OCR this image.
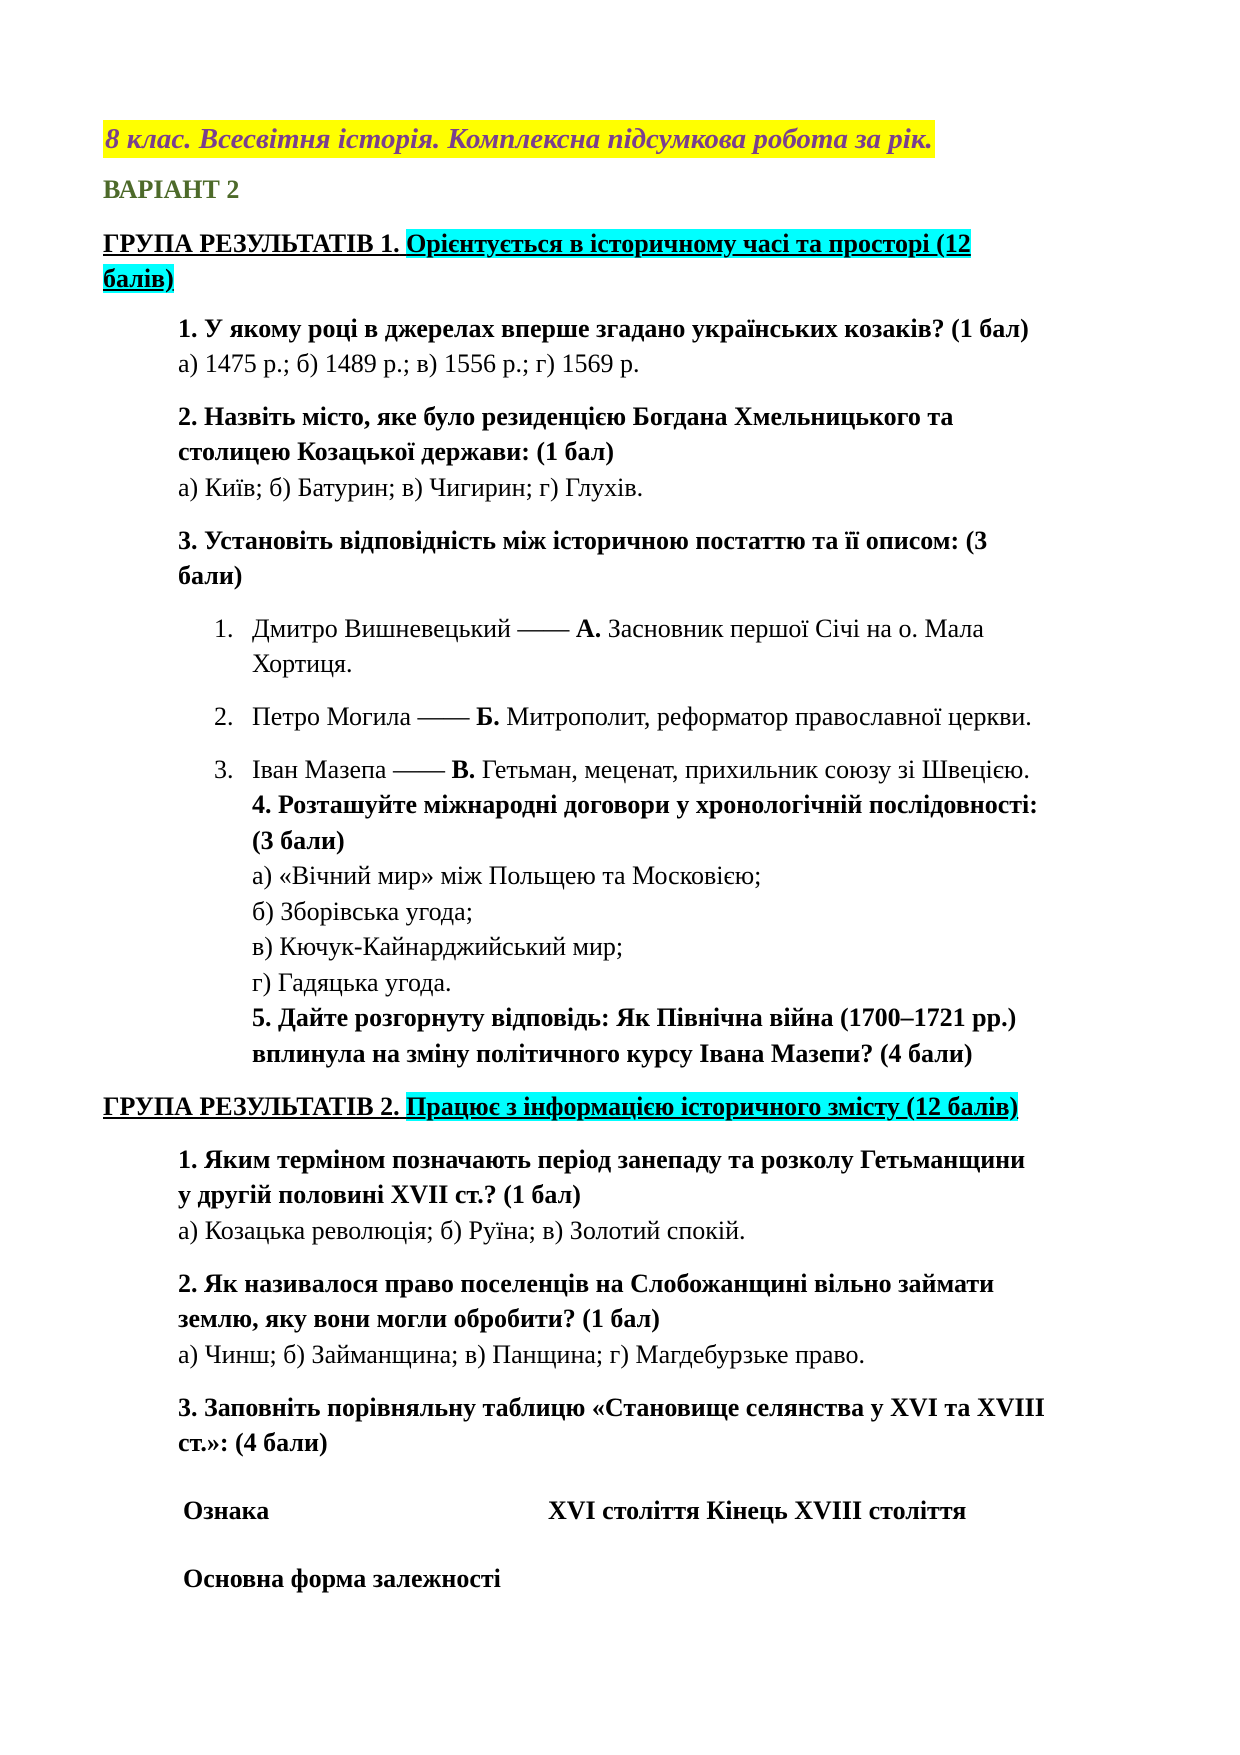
8 клас. Всесвітня історія. Комплексна підсумкова робота за рік.
ВАРІАНТ 2
ГРУПА РЕЗУЛЬТАТІВ 1. Орієнтується в історичному часі та просторі (12
балів)
1. У якому році в джерелах вперше згадано українських козаків? (1 бал)
а) 1475 р.; б) 1489 р.; в) 1556 р.; г) 1569 р.
2. Назвіть місто, яке було резиденцією Богдана Хмельницького та
столицею Козацької держави: (1 бал)
а) Київ; б) Батурин; в) Чигирин; г) Глухів.
3. Установіть відповідність між історичною постаттю та її описом: (3
бали)
1. Дмитро Вишневецький —— А. Засновник першої Січі на о. Мала
Хортиця.
2. Петро Могила —— Б. Митрополит, реформатор православної церкви.
3. Іван Мазепа —— В. Гетьман, меценат, прихильник союзу зі Швецією.
4. Розташуйте міжнародні договори у хронологічній послідовності:
(3 бали)
а) «Вічний мир» між Польщею та Московією;
б) Зборівська угода;
в) Кючук-Кайнарджийський мир;
г) Гадяцька угода.
5. Дайте розгорнуту відповідь: Як Північна війна (1700–1721 рр.)
вплинула на зміну політичного курсу Івана Мазепи? (4 бали)
ГРУПА РЕЗУЛЬТАТІВ 2. Працює з інформацією історичного змісту (12 балів)
1. Яким терміном позначають період занепаду та розколу Гетьманщини
у другій половині XVII ст.? (1 бал)
а) Козацька революція; б) Руїна; в) Золотий спокій.
2. Як називалося право поселенців на Слобожанщині вільно займати
землю, яку вони могли обробити? (1 бал)
а) Чинш; б) Займанщина; в) Панщина; г) Магдебурзьке право.
3. Заповніть порівняльну таблицю «Становище селянства у XVI та XVIII
ст.»: (4 бали)
Ознака	XVI століття Кінець XVIII століття
Основна форма залежності
